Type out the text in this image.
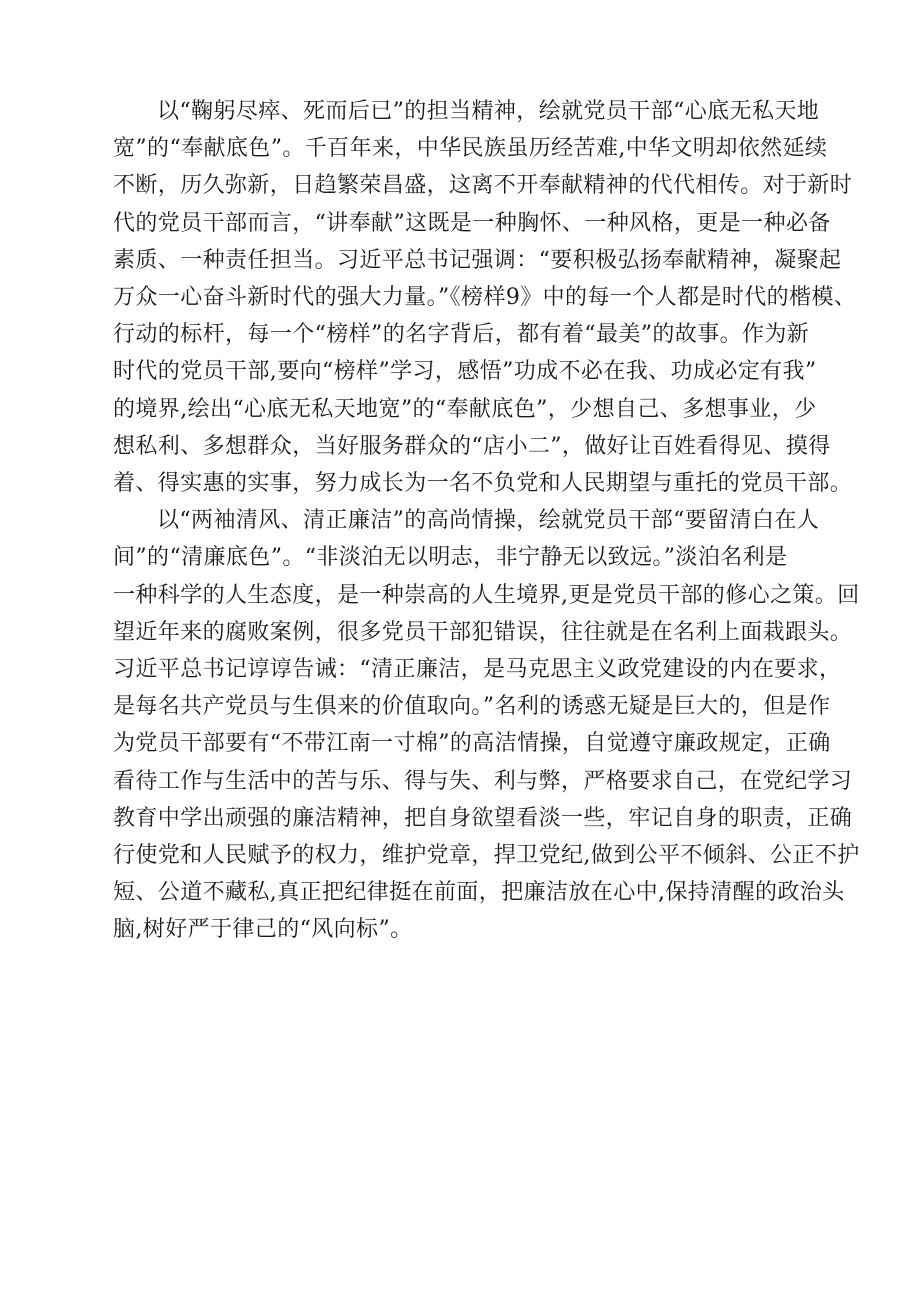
以“鞠躬尽瘁、死而后已”的担当精神，绘就党员干部“心底无私天地
宽”的“奉献底色”。千百年来，中华民族虽历经苦难,中华文明却依然延续
不断，历久弥新，日趋繁荣昌盛，这离不开奉献精神的代代相传。对于新时
代的党员干部而言，“讲奉献”这既是一种胸怀、一种风格，更是一种必备
素质、一种责任担当。习近平总书记强调：“要积极弘扬奉献精神，凝聚起
万众一心奋斗新时代的强大力量。”《榜样9》中的每一个人都是时代的楷模、
行动的标杆，每一个“榜样”的名字背后，都有着“最美”的故事。作为新
时代的党员干部,要向“榜样”学习，感悟”功成不必在我、功成必定有我”
的境界,绘出“心底无私天地宽”的“奉献底色”，少想自己、多想事业，少
想私利、多想群众，当好服务群众的“店小二”，做好让百姓看得见、摸得
着、得实惠的实事，努力成长为一名不负党和人民期望与重托的党员干部。

以“两袖清风、清正廉洁”的高尚情操，绘就党员干部“要留清白在人
间”的“清廉底色”。“非淡泊无以明志，非宁静无以致远。”淡泊名利是
一种科学的人生态度，是一种崇高的人生境界,更是党员干部的修心之策。回
望近年来的腐败案例，很多党员干部犯错误，往往就是在名利上面栽跟头。
习近平总书记谆谆告诫：“清正廉洁，是马克思主义政党建设的内在要求，
是每名共产党员与生俱来的价值取向。”名利的诱惑无疑是巨大的，但是作
为党员干部要有“不带江南一寸棉”的高洁情操，自觉遵守廉政规定，正确
看待工作与生活中的苦与乐、得与失、利与弊，严格要求自己，在党纪学习
教育中学出顽强的廉洁精神，把自身欲望看淡一些，牢记自身的职责，正确
行使党和人民赋予的权力，维护党章，捍卫党纪,做到公平不倾斜、公正不护
短、公道不藏私,真正把纪律挺在前面，把廉洁放在心中,保持清醒的政治头
脑,树好严于律己的“风向标”。
